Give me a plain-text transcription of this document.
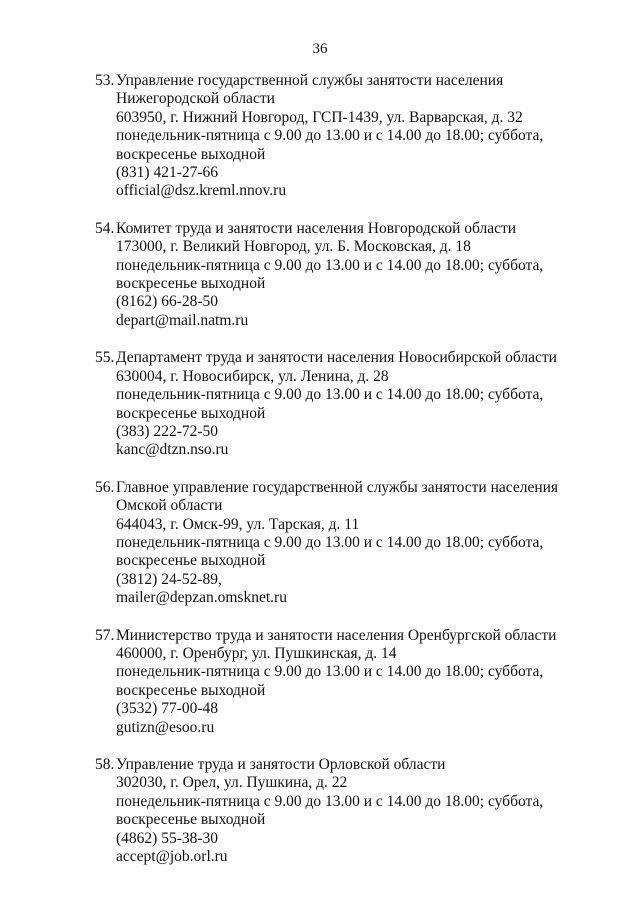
36
53. Управление государственной службы занятости населения Нижегородской области
603950, г. Нижний Новгород, ГСП-1439, ул. Варварская, д. 32
понедельник-пятница с 9.00 до 13.00 и с 14.00 до 18.00; суббота,
воскресенье выходной
(831) 421-27-66
official@dsz.kreml.nnov.ru
54. Комитет труда и занятости населения Новгородской области
173000, г. Великий Новгород, ул. Б. Московская, д. 18
понедельник-пятница с 9.00 до 13.00 и с 14.00 до 18.00; суббота,
воскресенье выходной
(8162) 66-28-50
depart@mail.natm.ru
55. Департамент труда и занятости населения Новосибирской области
630004, г. Новосибирск, ул. Ленина, д. 28
понедельник-пятница с 9.00 до 13.00 и с 14.00 до 18.00; суббота,
воскресенье выходной
(383) 222-72-50
kanc@dtzn.nso.ru
56. Главное управление государственной службы занятости населения Омской области
644043, г. Омск-99, ул. Тарская, д. 11
понедельник-пятница с 9.00 до 13.00 и с 14.00 до 18.00; суббота,
воскресенье выходной
(3812) 24-52-89,
mailer@depzan.omsknet.ru
57. Министерство труда и занятости населения Оренбургской области
460000, г. Оренбург, ул. Пушкинская, д. 14
понедельник-пятница с 9.00 до 13.00 и с 14.00 до 18.00; суббота,
воскресенье выходной
(3532) 77-00-48
gutizn@esoo.ru
58. Управление труда и занятости Орловской области
302030, г. Орел, ул. Пушкина, д. 22
понедельник-пятница с 9.00 до 13.00 и с 14.00 до 18.00; суббота,
воскресенье выходной
(4862) 55-38-30
accept@job.orl.ru
